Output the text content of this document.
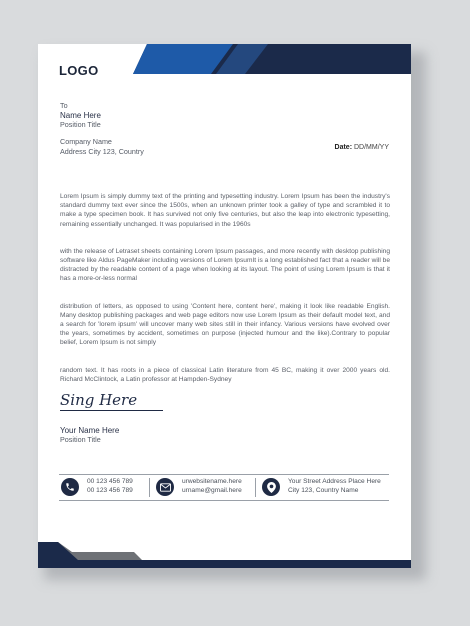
LOGO
To
Name Here
Position Title
Company Name
Address City 123, Country	Date: DD/MM/YY

Lorem Ipsum is simply dummy text of the printing and typesetting industry. Lorem Ipsum has been the industry's standard dummy text ever since the 1500s, when an unknown printer took a galley of type and scrambled it to make a type specimen book. It has survived not only five centuries, but also the leap into electronic typesetting, remaining essentially unchanged. It was popularised in the 1960s

with the release of Letraset sheets containing Lorem Ipsum passages, and more recently with desktop publishing software like Aldus PageMaker including versions of Lorem IpsumIt is a long established fact that a reader will be distracted by the readable content of a page when looking at its layout. The point of using Lorem Ipsum is that it has a more-or-less normal

distribution of letters, as opposed to using 'Content here, content here', making it look like readable English. Many desktop publishing packages and web page editors now use Lorem Ipsum as their default model text, and a search for 'lorem ipsum' will uncover many web sites still in their infancy. Various versions have evolved over the years, sometimes by accident, sometimes on purpose (injected humour and the like).Contrary to popular belief, Lorem Ipsum is not simply

random text. It has roots in a piece of classical Latin literature from 45 BC, making it over 2000 years old. Richard McClintock, a Latin professor at Hampden-Sydney

Sing Here
Your Name Here
Position Title
00 123 456 789
00 123 456 789
urwebsitename.here
urname@gmail.here
Your Street Address Place Here
City 123, Country Name
